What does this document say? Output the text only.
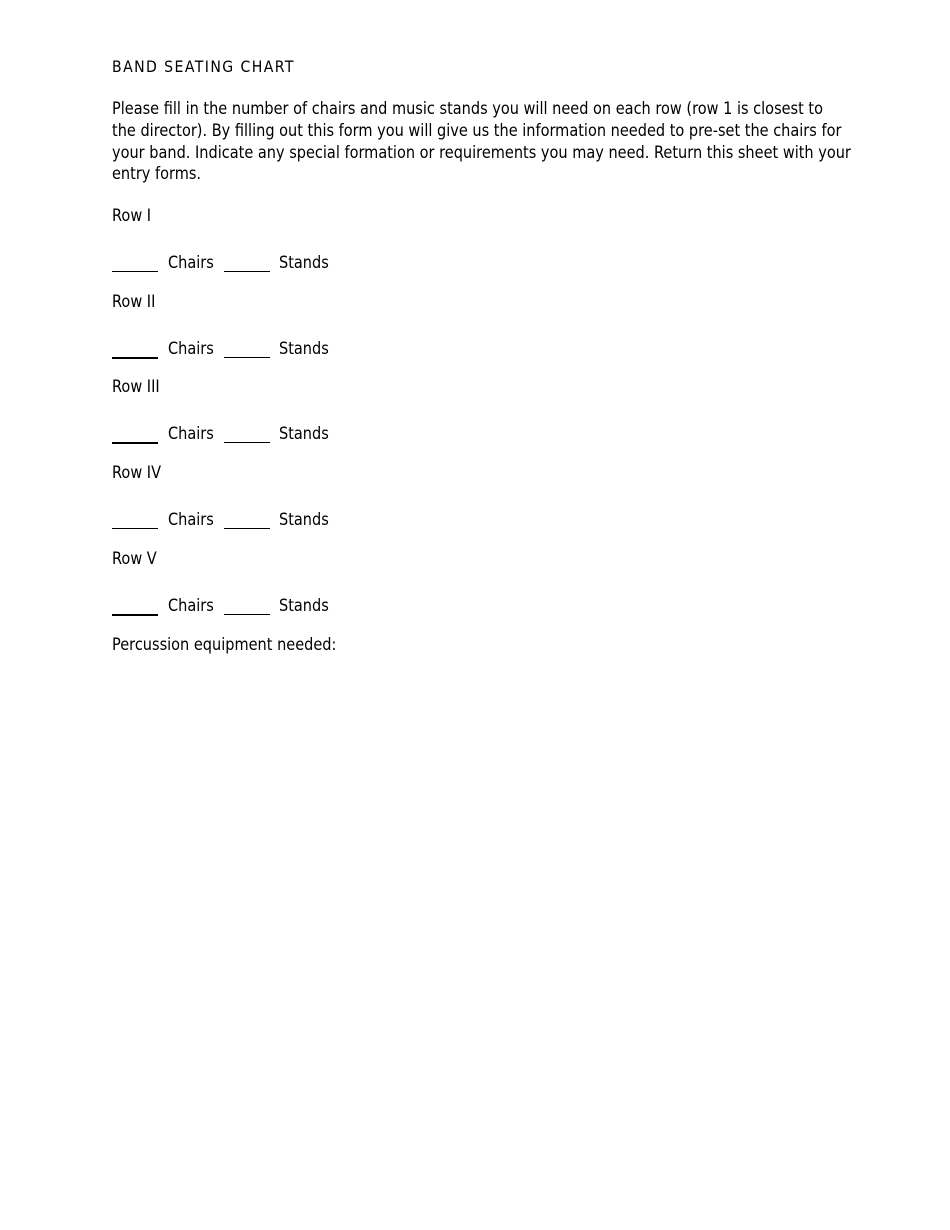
BAND SEATING CHART
Please fill in the number of chairs and music stands you will need on each row (row 1 is closest to the director). By filling out this form you will give us the information needed to pre-set the chairs for your band. Indicate any special formation or requirements you may need. Return this sheet with your entry forms.
Row I
Chairs	Stands
Row II
Chairs	Stands
Row III
Chairs	Stands
Row IV
Chairs	Stands
Row V
Chairs	Stands
Percussion equipment needed:
